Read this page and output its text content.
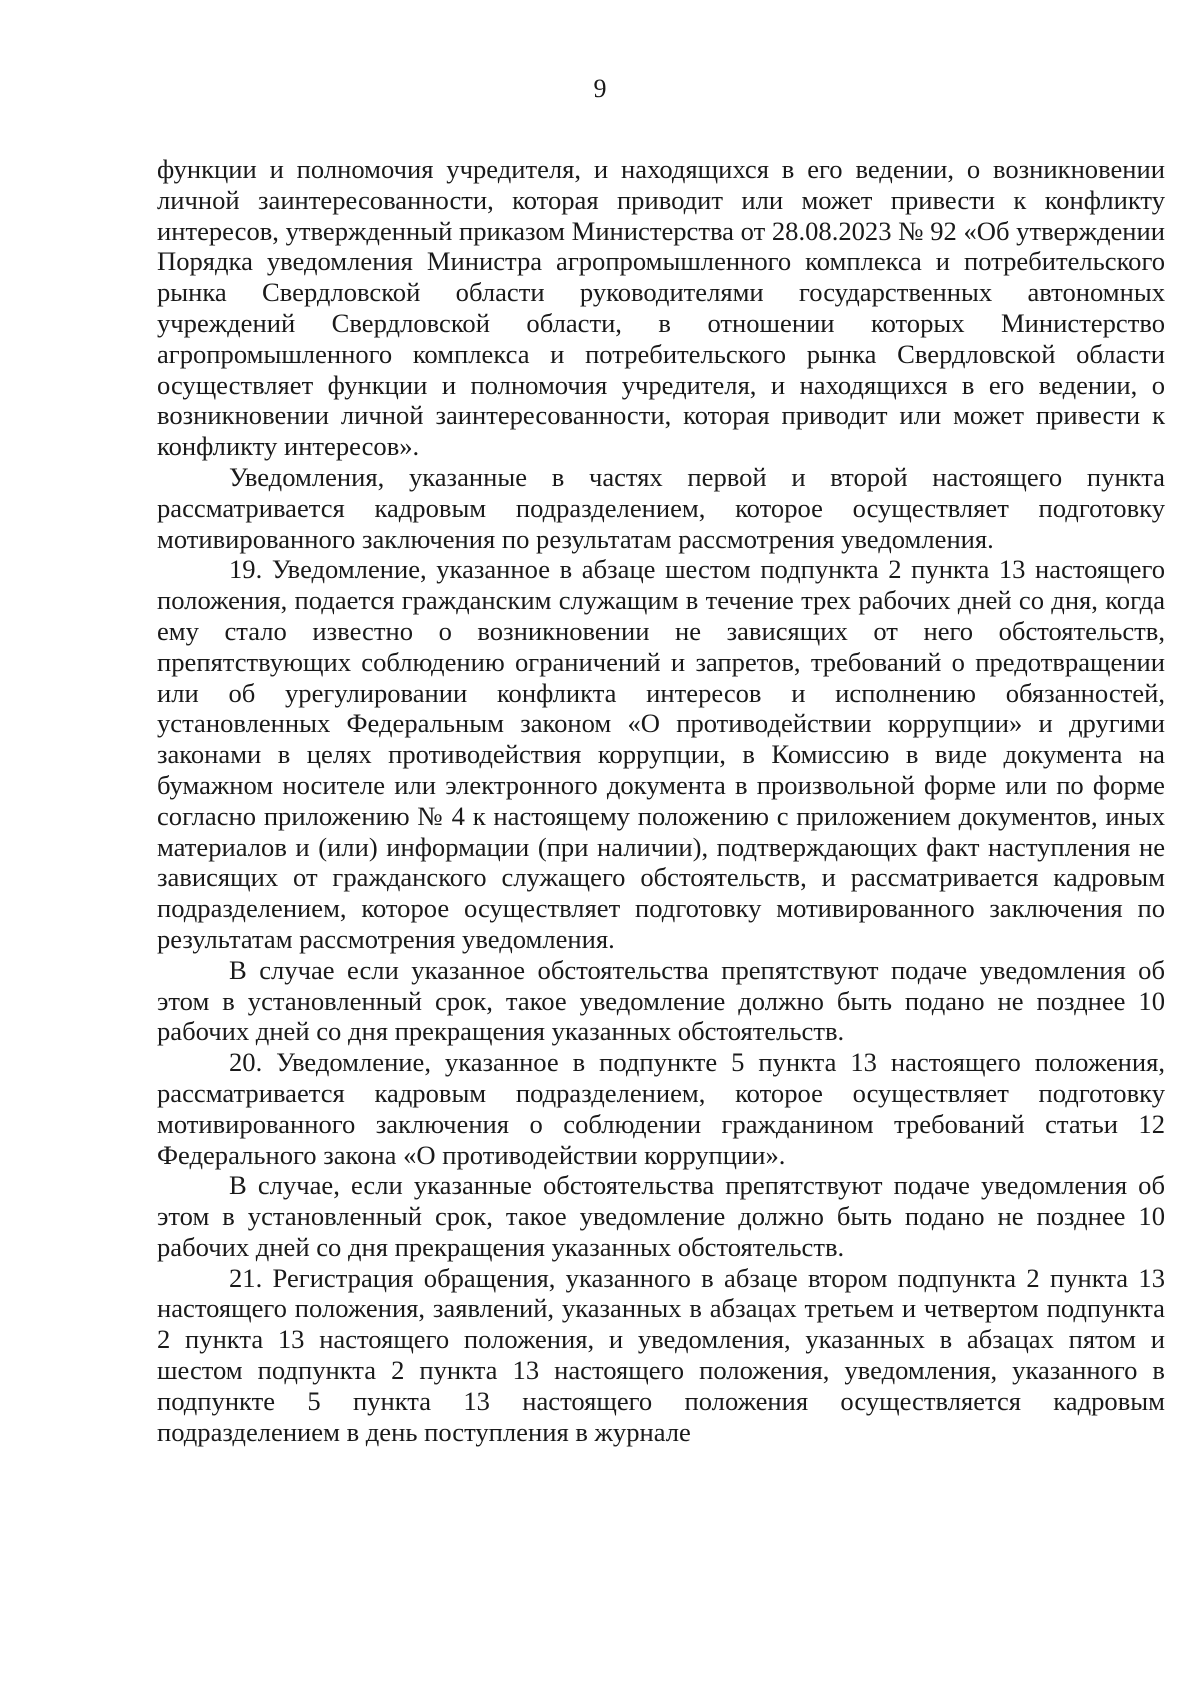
9

функции и полномочия учредителя, и находящихся в его ведении, о возникновении личной заинтересованности, которая приводит или может привести к конфликту интересов, утвержденный приказом Министерства от 28.08.2023 № 92 «Об утверждении Порядка уведомления Министра агропромышленного комплекса и потребительского рынка Свердловской области руководителями государственных автономных учреждений Свердловской области, в отношении которых Министерство агропромышленного комплекса и потребительского рынка Свердловской области осуществляет функции и полномочия учредителя, и находящихся в его ведении, о возникновении личной заинтересованности, которая приводит или может привести к конфликту интересов».

Уведомления, указанные в частях первой и второй настоящего пункта рассматривается кадровым подразделением, которое осуществляет подготовку мотивированного заключения по результатам рассмотрения уведомления.

19. Уведомление, указанное в абзаце шестом подпункта 2 пункта 13 настоящего положения, подается гражданским служащим в течение трех рабочих дней со дня, когда ему стало известно о возникновении не зависящих от него обстоятельств, препятствующих соблюдению ограничений и запретов, требований о предотвращении или об урегулировании конфликта интересов и исполнению обязанностей, установленных Федеральным законом «О противодействии коррупции» и другими законами в целях противодействия коррупции, в Комиссию в виде документа на бумажном носителе или электронного документа в произвольной форме или по форме согласно приложению № 4 к настоящему положению с приложением документов, иных материалов и (или) информации (при наличии), подтверждающих факт наступления не зависящих от гражданского служащего обстоятельств, и рассматривается кадровым подразделением, которое осуществляет подготовку мотивированного заключения по результатам рассмотрения уведомления.

В случае если указанное обстоятельства препятствуют подаче уведомления об этом в установленный срок, такое уведомление должно быть подано не позднее 10 рабочих дней со дня прекращения указанных обстоятельств.

20. Уведомление, указанное в подпункте 5 пункта 13 настоящего положения, рассматривается кадровым подразделением, которое осуществляет подготовку мотивированного заключения о соблюдении гражданином требований статьи 12 Федерального закона «О противодействии коррупции».

В случае, если указанные обстоятельства препятствуют подаче уведомления об этом в установленный срок, такое уведомление должно быть подано не позднее 10 рабочих дней со дня прекращения указанных обстоятельств.

21. Регистрация обращения, указанного в абзаце втором подпункта 2 пункта 13 настоящего положения, заявлений, указанных в абзацах третьем и четвертом подпункта 2 пункта 13 настоящего положения, и уведомления, указанных в абзацах пятом и шестом подпункта 2 пункта 13 настоящего положения, уведомления, указанного в подпункте 5 пункта 13 настоящего положения осуществляется кадровым подразделением в день поступления в журнале
